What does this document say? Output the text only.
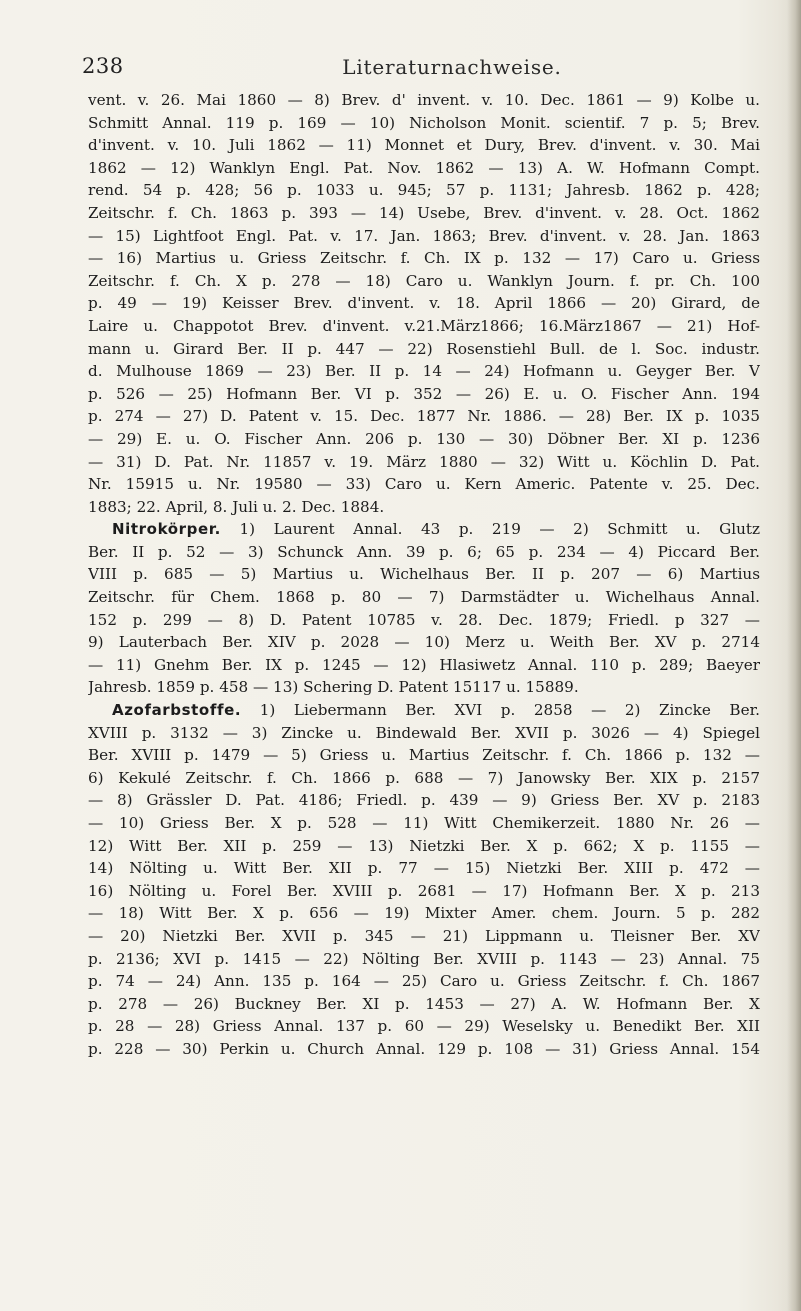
238	Literaturnachweise.
vent. v. 26. Mai 1860 — 8) Brev. d' invent. v. 10. Dec. 1861 — 9) Kolbe u.
Schmitt Annal. 119 p. 169 — 10) Nicholson Monit. scientif. 7 p. 5; Brev.
d'invent. v. 10. Juli 1862 — 11) Monnet et Dury, Brev. d'invent. v. 30. Mai
1862 — 12) Wanklyn Engl. Pat. Nov. 1862 — 13) A. W. Hofmann Compt.
rend. 54 p. 428; 56 p. 1033 u. 945; 57 p. 1131; Jahresb. 1862 p. 428;
Zeitschr. f. Ch. 1863 p. 393 — 14) Usebe, Brev. d'invent. v. 28. Oct. 1862
— 15) Lightfoot Engl. Pat. v. 17. Jan. 1863; Brev. d'invent. v. 28. Jan. 1863
— 16) Martius u. Griess Zeitschr. f. Ch. IX p. 132 — 17) Caro u. Griess
Zeitschr. f. Ch. X p. 278 — 18) Caro u. Wanklyn Journ. f. pr. Ch. 100
p. 49 — 19) Keisser Brev. d'invent. v. 18. April 1866 — 20) Girard, de
Laire u. Chappotot Brev. d'invent. v.21.März1866; 16.März1867 — 21) Hof-
mann u. Girard Ber. II p. 447 — 22) Rosenstiehl Bull. de l. Soc. industr.
d. Mulhouse 1869 — 23) Ber. II p. 14 — 24) Hofmann u. Geyger Ber. V
p. 526 — 25) Hofmann Ber. VI p. 352 — 26) E. u. O. Fischer Ann. 194
p. 274 — 27) D. Patent v. 15. Dec. 1877 Nr. 1886. — 28) Ber. IX p. 1035
— 29) E. u. O. Fischer Ann. 206 p. 130 — 30) Döbner Ber. XI p. 1236
— 31) D. Pat. Nr. 11857 v. 19. März 1880 — 32) Witt u. Köchlin D. Pat.
Nr. 15915 u. Nr. 19580 — 33) Caro u. Kern Americ. Patente v. 25. Dec.
1883; 22. April, 8. Juli u. 2. Dec. 1884.
Nitrokörper. 1) Laurent Annal. 43 p. 219 — 2) Schmitt u. Glutz
Ber. II p. 52 — 3) Schunck Ann. 39 p. 6; 65 p. 234 — 4) Piccard Ber.
VIII p. 685 — 5) Martius u. Wichelhaus Ber. II p. 207 — 6) Martius
Zeitschr. für Chem. 1868 p. 80 — 7) Darmstädter u. Wichelhaus Annal.
152 p. 299 — 8) D. Patent 10785 v. 28. Dec. 1879; Friedl. p 327 —
9) Lauterbach Ber. XIV p. 2028 — 10) Merz u. Weith Ber. XV p. 2714
— 11) Gnehm Ber. IX p. 1245 — 12) Hlasiwetz Annal. 110 p. 289; Baeyer
Jahresb. 1859 p. 458 — 13) Schering D. Patent 15117 u. 15889.
Azofarbstoffe. 1) Liebermann Ber. XVI p. 2858 — 2) Zincke Ber.
XVIII p. 3132 — 3) Zincke u. Bindewald Ber. XVII p. 3026 — 4) Spiegel
Ber. XVIII p. 1479 — 5) Griess u. Martius Zeitschr. f. Ch. 1866 p. 132 —
6) Kekulé Zeitschr. f. Ch. 1866 p. 688 — 7) Janowsky Ber. XIX p. 2157
— 8) Grässler D. Pat. 4186; Friedl. p. 439 — 9) Griess Ber. XV p. 2183
— 10) Griess Ber. X p. 528 — 11) Witt Chemikerzeit. 1880 Nr. 26 —
12) Witt Ber. XII p. 259 — 13) Nietzki Ber. X p. 662; X p. 1155 —
14) Nölting u. Witt Ber. XII p. 77 — 15) Nietzki Ber. XIII p. 472 —
16) Nölting u. Forel Ber. XVIII p. 2681 — 17) Hofmann Ber. X p. 213
— 18) Witt Ber. X p. 656 — 19) Mixter Amer. chem. Journ. 5 p. 282
— 20) Nietzki Ber. XVII p. 345 — 21) Lippmann u. Tleisner Ber. XV
p. 2136; XVI p. 1415 — 22) Nölting Ber. XVIII p. 1143 — 23) Annal. 75
p. 74 — 24) Ann. 135 p. 164 — 25) Caro u. Griess Zeitschr. f. Ch. 1867
p. 278 — 26) Buckney Ber. XI p. 1453 — 27) A. W. Hofmann Ber. X
p. 28 — 28) Griess Annal. 137 p. 60 — 29) Weselsky u. Benedikt Ber. XII
p. 228 — 30) Perkin u. Church Annal. 129 p. 108 — 31) Griess Annal. 154
